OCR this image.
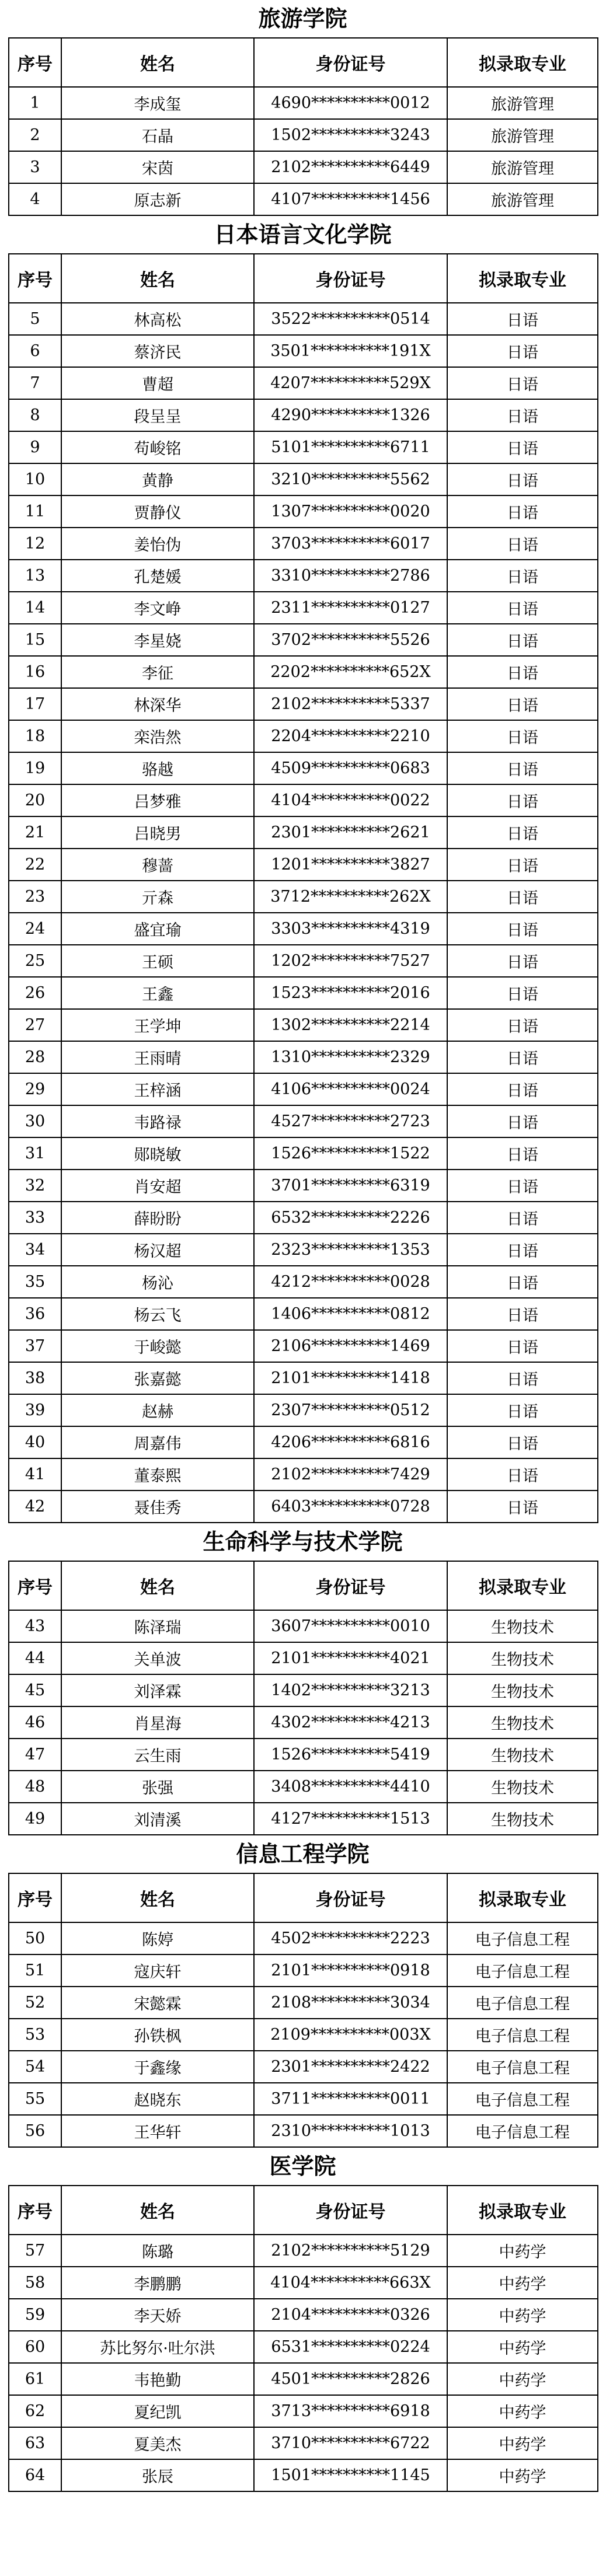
旅游学院
序号	姓名	身份证号	拟录取专业
1	李成玺	4690**********0012	旅游管理
2	石晶	1502**********3243	旅游管理
3	宋茵	2102**********6449	旅游管理
4	原志新	4107**********1456	旅游管理
日本语言文化学院
序号	姓名	身份证号	拟录取专业
5	林高松	3522**********0514	日语
6	蔡济民	3501**********191X	日语
7	曹超	4207**********529X	日语
8	段呈呈	4290**********1326	日语
9	苟峻铭	5101**********6711	日语
10	黄静	3210**********5562	日语
11	贾静仪	1307**********0020	日语
12	姜怡伪	3703**********6017	日语
13	孔楚媛	3310**********2786	日语
14	李文峥	2311**********0127	日语
15	李星娆	3702**********5526	日语
16	李征	2202**********652X	日语
17	林深华	2102**********5337	日语
18	栾浩然	2204**********2210	日语
19	骆越	4509**********0683	日语
20	吕梦雅	4104**********0022	日语
21	吕晓男	2301**********2621	日语
22	穆蔷	1201**********3827	日语
23	亓森	3712**********262X	日语
24	盛宜瑜	3303**********4319	日语
25	王硕	1202**********7527	日语
26	王鑫	1523**********2016	日语
27	王学坤	1302**********2214	日语
28	王雨晴	1310**********2329	日语
29	王梓涵	4106**********0024	日语
30	韦路禄	4527**********2723	日语
31	郧晓敏	1526**********1522	日语
32	肖安超	3701**********6319	日语
33	薛盼盼	6532**********2226	日语
34	杨汉超	2323**********1353	日语
35	杨沁	4212**********0028	日语
36	杨云飞	1406**********0812	日语
37	于峻懿	2106**********1469	日语
38	张嘉懿	2101**********1418	日语
39	赵赫	2307**********0512	日语
40	周嘉伟	4206**********6816	日语
41	董泰熙	2102**********7429	日语
42	聂佳秀	6403**********0728	日语
生命科学与技术学院
序号	姓名	身份证号	拟录取专业
43	陈泽瑞	3607**********0010	生物技术
44	关单波	2101**********4021	生物技术
45	刘泽霖	1402**********3213	生物技术
46	肖星海	4302**********4213	生物技术
47	云生雨	1526**********5419	生物技术
48	张强	3408**********4410	生物技术
49	刘清溪	4127**********1513	生物技术
信息工程学院
序号	姓名	身份证号	拟录取专业
50	陈婷	4502**********2223	电子信息工程
51	寇庆轩	2101**********0918	电子信息工程
52	宋懿霖	2108**********3034	电子信息工程
53	孙铁枫	2109**********003X	电子信息工程
54	于鑫缘	2301**********2422	电子信息工程
55	赵晓东	3711**********0011	电子信息工程
56	王华轩	2310**********1013	电子信息工程
医学院
序号	姓名	身份证号	拟录取专业
57	陈璐	2102**********5129	中药学
58	李鹏鹏	4104**********663X	中药学
59	李天娇	2104**********0326	中药学
60	苏比努尔·吐尔洪	6531**********0224	中药学
61	韦艳勤	4501**********2826	中药学
62	夏纪凯	3713**********6918	中药学
63	夏美杰	3710**********6722	中药学
64	张辰	1501**********1145	中药学
